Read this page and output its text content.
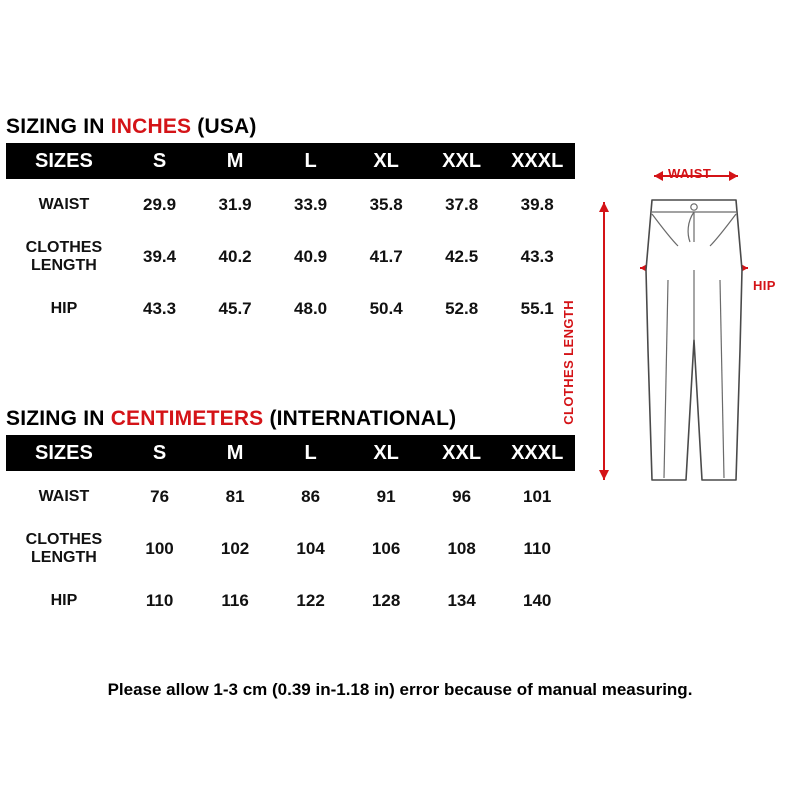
SIZING IN INCHES (USA)
SIZES	S	M	L	XL	XXL	XXXL
WAIST	29.9	31.9	33.9	35.8	37.8	39.8
CLOTHES
LENGTH	39.4	40.2	40.9	41.7	42.5	43.3
HIP	43.3	45.7	48.0	50.4	52.8	55.1
SIZING IN CENTIMETERS (INTERNATIONAL)
SIZES	S	M	L	XL	XXL	XXXL
WAIST	76	81	86	91	96	101
CLOTHES
LENGTH	100	102	104	106	108	110
HIP	110	116	122	128	134	140
WAIST
HIP
CLOTHES LENGTH
Please allow 1-3 cm (0.39 in-1.18 in) error because of manual measuring.
